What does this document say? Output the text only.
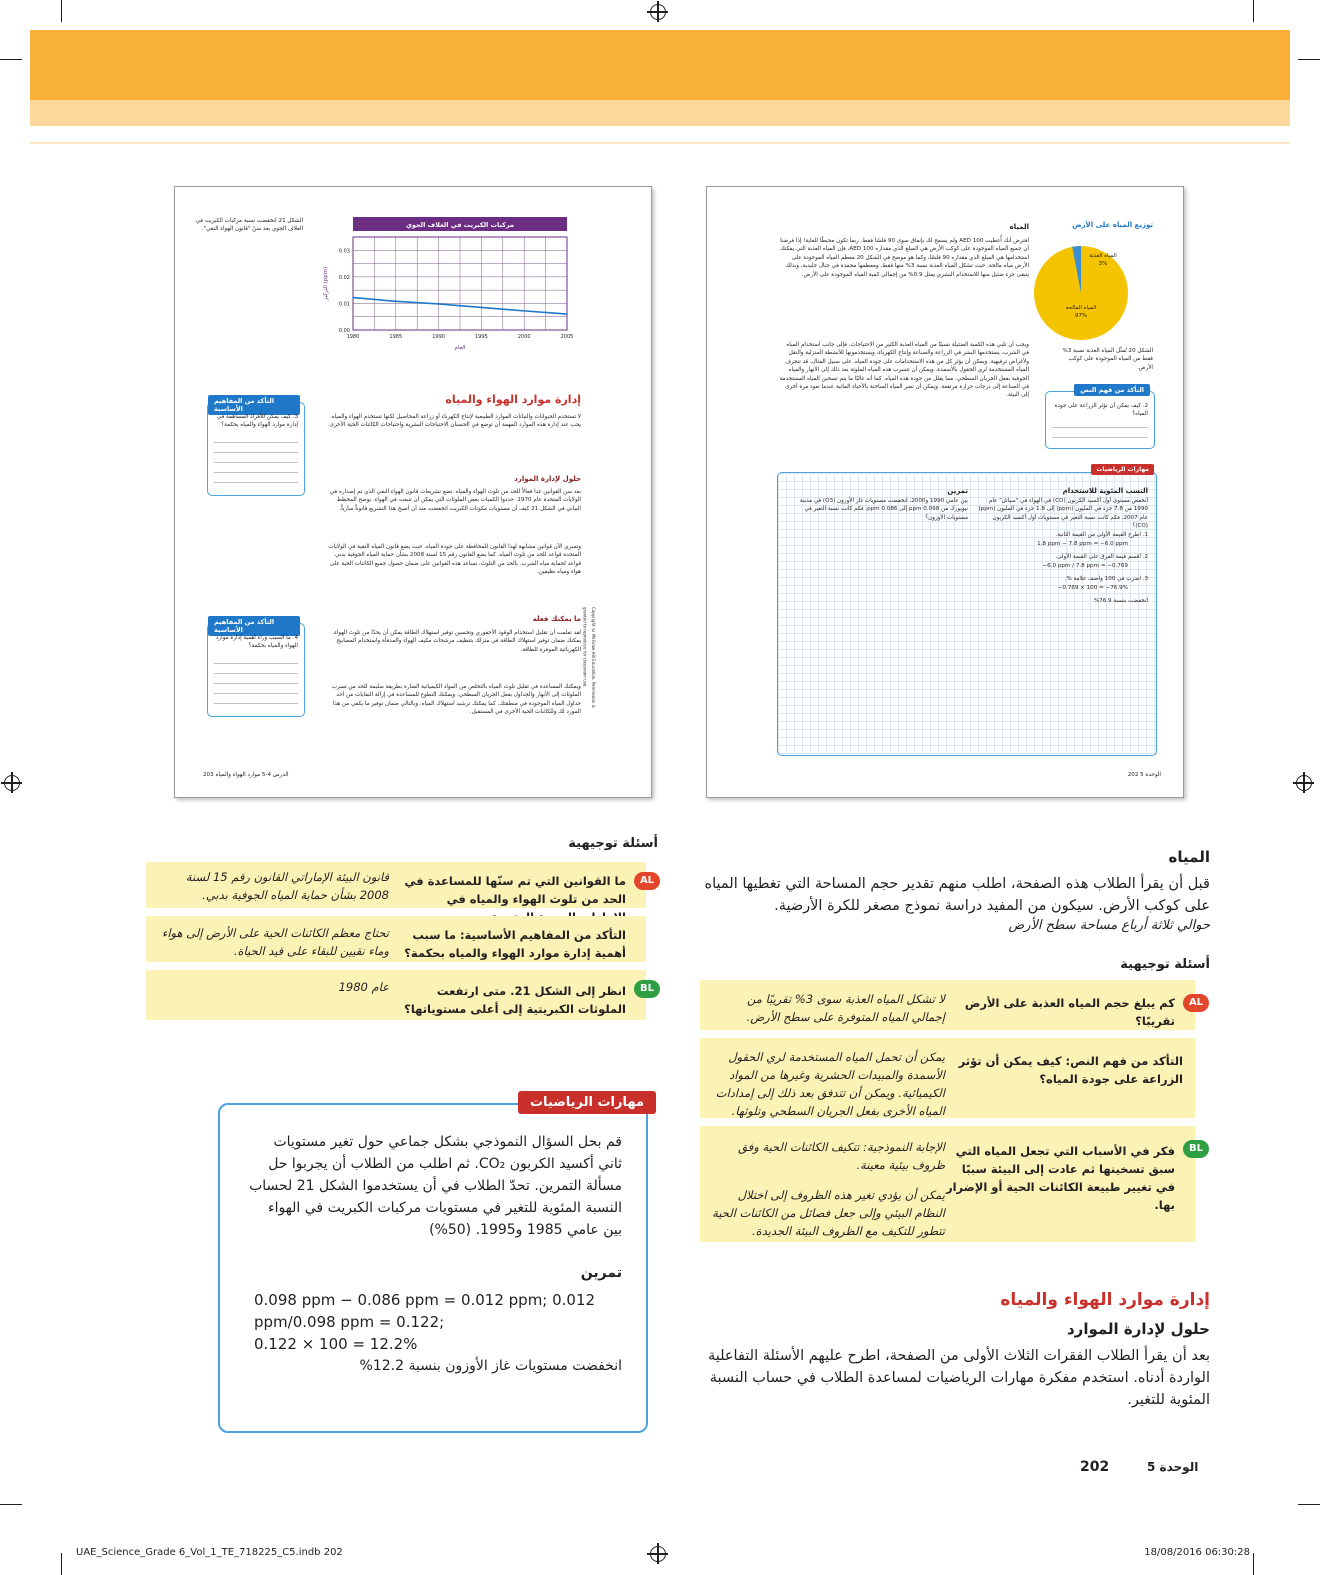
الشكل 21 انخفضت نسبة مركبات الكبريت في الغلاف الجوي بعد سنّ "قانون الهواء النقي".
مركبات الكبريت في الغلاف الجوي
0.00
0.01
0.02
0.03
1980	1985	1990	1995	2000	2005
العام
التركيز (ppm)
إدارة موارد الهواء والمياه
لا تستخدم الحيوانات والنباتات الموارد الطبيعية لإنتاج الكهرباء أو زراعة المحاصيل لكنها تستخدم الهواء والمياه. يجب عند إدارة هذه الموارد المهمة أن توضع في الحسبان الاحتياجات البشرية واحتياجات الكائنات الحية الأخرى.
حلول لإدارة الموارد
بعد سن القوانين غدا فعالاً للحد من تلوث الهواء والمياه. تضع تشريعات قانون الهواء النقي الذي تم إصداره في الولايات المتحدة عام 1970. حددوا الكميات بعض الملوثات التي يمكن أن تنبعث في الهواء. يوضح المخطط البياني في الشكل 21 كيف أن مستويات مكونات الكبريت انخفضت منذ أن أصبح هذا التشريع قانوناً سارياً.
وتسري الآن قوانين مشابهة لهذا القانون للمحافظة على جودة المياه. حيث يضع قانون المياه النقية في الولايات المتحدة قواعد للحد من تلوث المياه. كما يضع القانون رقم 15 لسنة 2008 بشأن حماية المياه الجوفية بدبي قواعد لحماية مياه الشرب. بالحد من التلوث، تساعد هذه القوانين على ضمان حصول جميع الكائنات الحية على هواء ومياه نظيفين.
ما يمكنك فعله
لقد تعلمت أن تقليل استخدام الوقود الأحفوري وتحسين توفير استهلاك الطاقة يمكن أن يحدّا من تلوث الهواء. يمكنك ضمان توفير استهلاك الطاقة في منزلك بتنظيف مرشحات مكيف الهواء والمدفأة واستخدام المصابيح الكهربائية الموفرة للطاقة.
ويمكنك المساعدة في تقليل تلوث المياه بالتخلص من المواد الكيميائية الضارة بطريقة سليمة للحد من تسرب الملوثات إلى الأنهار والجداول بفعل الجريان السطحي. ويمكنك التطوع للمساعدة في إزالة النفايات من أحد جداول المياه الموجودة في منطقتك. كما يمكنك ترشيد استهلاك المياه. وبالتالي ضمان توفير ما يكفي من هذا المورد لك وللكائنات الحية الأخرى في المستقبل.
التأكد من المفاهيم الأساسية
3. كيف يمكن للأفراد المساهمة في إدارة موارد الهواء والمياه بحكمة؟
التأكد من المفاهيم الأساسية
4. ما السبب وراء أهمية إدارة موارد الهواء والمياه بحكمة؟	Copyright © McGraw-Hill Education. Permission is granted to reproduce for classroom use.
203 الدرس 4-5 موارد الهواء والمياه
توزيع المياه على الأرض
المياه العذبة
3%
المياه المالحة
97%
الشكل 20 تُمثّل المياه العذبة نسبة 3% فقط من المياه الموجودة على كوكب الأرض.
التأكد من فهم النص
2. كيف يمكن أن تؤثر الزراعة على جودة المياه؟
المياه
افترض أنك أُعطيت AED 100 ولم يسمح لك بإنفاق سوى 90 فلسًا فقط. ربما تكون محبطًا للغاية! إذا فرضنا أن جميع المياه الموجودة على كوكب الأرض هي المبلغ الذي مقداره AED 100، فإن المياه العذبة التي يمكنك استخدامها هي المبلغ الذي مقداره 90 فلسًا، وكما هو موضح في الشكل 20 معظم المياه الموجودة على الأرض مياه مالحة. حيث تشكل المياه العذبة نسبة 3% منها فقط. ومعظمها مجمدة في جبال جليدية، وبذلك يتبقى جزء ضئيل منها للاستخدام البشري يمثل 0.9% من إجمالي كمية المياه الموجودة على الأرض.
ويجب أن تلبي هذه الكمية الضئيلة نسبيًا من المياه العذبة الكثير من الاحتياجات. فإلى جانب استخدام المياه في الشرب، يستخدمها البشر في الزراعة والصناعة وإنتاج الكهرباء، ويستخدمونها للأنشطة المنزلية والنقل ولأغراض ترفيهية. ويمكن أن يؤثر كل من هذه الاستخدامات على جودة المياه. على سبيل المثال، قد تنجرف المياه المستخدمة لري الحقول بالأسمدة. ويمكن أن تتسرب هذه المياه الملوثة بعد ذلك إلى الأنهار والمياه الجوفية بفعل الجريان السطحي. مما يقلل من جودة هذه المياه. كما أنه غالبًا ما يتم تسخين المياه المستخدمة في الصناعة إلى درجات حرارة مرتفعة. ويمكن أن تضر المياه الساخنة بالأحياء المائية عندما تعود مرة أخرى إلى البيئة.
مهارات الرياضيات
النسب المئوية للاستخدام
انخفض مستوى أول أكسيد الكربون (CO) في الهواء في "سياتل" عام 1990 من 7.8 جزء في المليون (ppm) إلى 1.8 جزء في المليون (ppm) عام 2007. فكم كانت نسبة التغير في مستويات أول أكسيد الكربون (CO)؟
1. اطرح القيمة الأولى من القيمة الثانية.
1.8 ppm − 7.8 ppm = −6.0 ppm
2. اقسم قيمة الفرق على القيمة الأولى.
−6.0 ppm / 7.8 ppm = −0.769
3. اضرب في 100 واضف علامة %.
−0.769 × 100 = −76.9%
انخفضت بنسبة 76.9%
تمرين
بين عامي 1990 و2000، انخفضت مستويات غاز الأوزون (O3) في مدينة نيويورك من 0.098 ppm إلى 0.086 ppm. فكم كانت نسبة التغير في مستويات الأوزون؟
202 الوحدة 5
المياه
قبل أن يقرأ الطلاب هذه الصفحة، اطلب منهم تقدير حجم المساحة التي تغطيها المياه على كوكب الأرض. سيكون من المفيد دراسة نموذج مصغر للكرة الأرضية.
حوالي ثلاثة أرباع مساحة سطح الأرض
أسئلة توجيهية
AL
كم يبلغ حجم المياه العذبة على الأرض تقريبًا؟
لا تشكل المياه العذبة سوى 3% تقريبًا من إجمالي المياه المتوفرة على سطح الأرض.
التأكد من فهم النص: كيف يمكن أن تؤثر الزراعة على جودة المياه؟
يمكن أن تحمل المياه المستخدمة لري الحقول الأسمدة والمبيدات الحشرية وغيرها من المواد الكيميائية. ويمكن أن تتدفق بعد ذلك إلى إمدادات المياه الأخرى بفعل الجريان السطحي وتلوثها.
BL
فكر في الأسباب التي تجعل المياه التي سبق تسخينها ثم عادت إلى البيئة سببًا في تغيير طبيعة الكائنات الحية أو الإضرار بها.
الإجابة النموذجية: تتكيف الكائنات الحية وفق ظروف بيئية معينة.
يمكن أن يؤدي تغير هذه الظروف إلى اختلال النظام البيئي وإلى جعل فصائل من الكائنات الحية تتطور للتكيف مع الظروف البيئة الجديدة.
إدارة موارد الهواء والمياه
حلول لإدارة الموارد
بعد أن يقرأ الطلاب الفقرات الثلاث الأولى من الصفحة، اطرح عليهم الأسئلة التفاعلية الواردة أدناه. استخدم مفكرة مهارات الرياضيات لمساعدة الطلاب في حساب النسبة المئوية للتغير.
الوحدة 5  202
أسئلة توجيهية
AL
ما القوانين التي تم سنّها للمساعدة في الحد من تلوث الهواء والمياه في
قانون البيئة الإماراتي القانون رقم 15 لسنة 2008 بشأن حماية المياه الجوفية بدبي.
التأكد من المفاهيم الأساسية: ما سبب أهمية إدارة موارد الهواء والمياه بحكمة؟
تحتاج معظم الكائنات الحية على الأرض إلى هواء وماء نقيين للبقاء على قيد الحياة.
BL
انظر إلى الشكل 21. متى ارتفعت الملوثات الكبريتية إلى أعلى مستوياتها؟
عام 1980
مهارات الرياضيات
قم بحل السؤال النموذجي بشكل جماعي حول تغير مستويات ثاني أكسيد الكربون CO₂. ثم اطلب من الطلاب أن يجربوا حل مسألة التمرين. تحدّ الطلاب في أن يستخدموا الشكل 21 لحساب النسبة المئوية للتغير في مستويات مركبات الكبريت في الهواء بين عامي 1985 و1995. (50%)
تمرين
0.098 ppm − 0.086 ppm = 0.012 ppm; 0.012
ppm/0.098 ppm = 0.122;
0.122 × 100 = 12.2%
انخفضت مستويات غاز الأوزون بنسبة 12.2%
UAE_Science_Grade 6_Vol_1_TE_718225_C5.indb 202	18/08/2016 06:30:28
